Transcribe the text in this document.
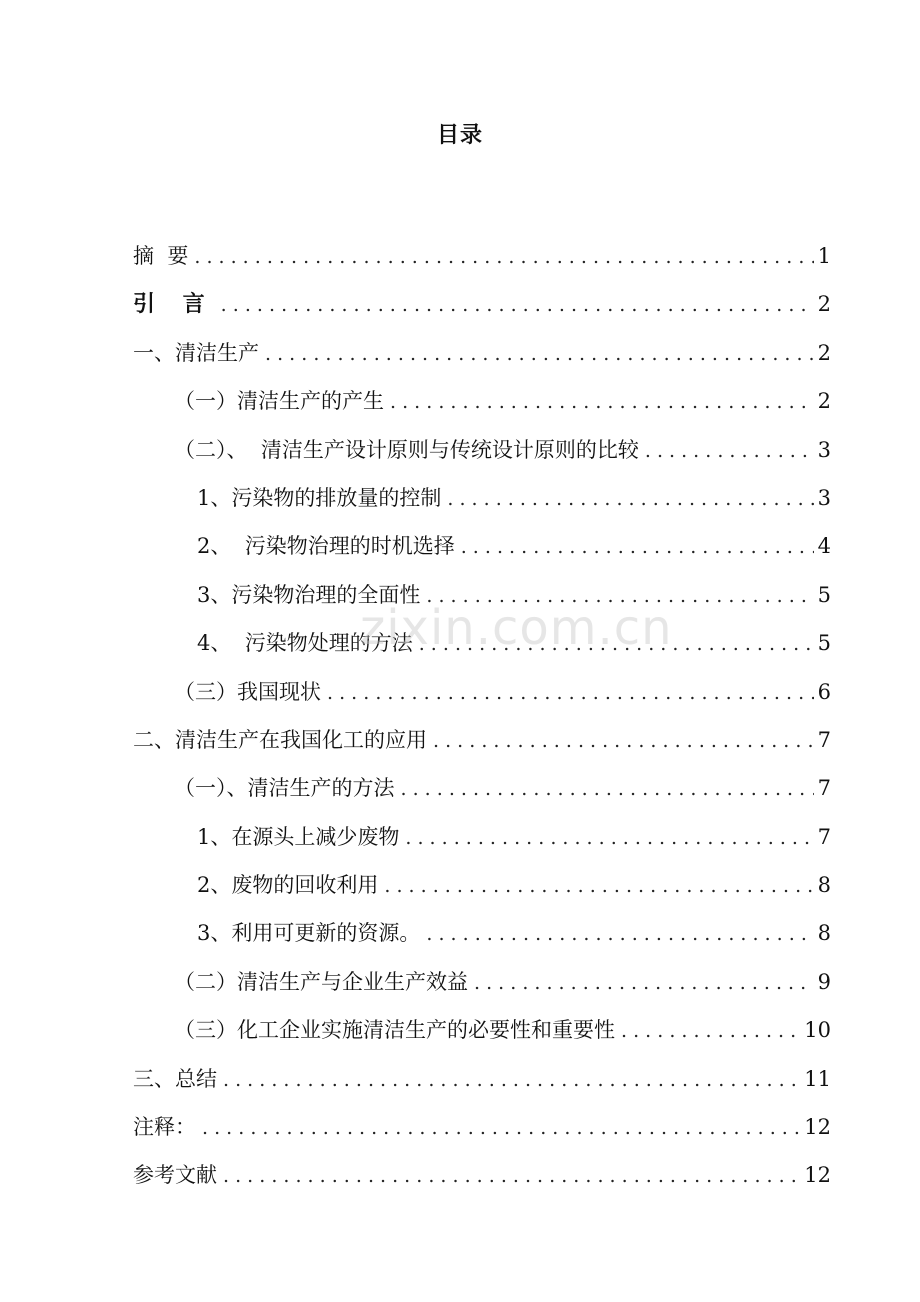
目录
摘  要 . . .	1
引 言 . . .	2
一、清洁生产 . . .	2
（一）清洁生产的产生 . . .	2
（二）、  清洁生产设计原则与传统设计原则的比较 . . .	3
1、污染物的排放量的控制 . . .	3
2、  污染物治理的时机选择 . . .	4
3、污染物治理的全面性 . . .	5
4、  污染物处理的方法 . . .	5
（三）我国现状 . . .	6
二、清洁生产在我国化工的应用 . . .	7
（一）、清洁生产的方法 . . .	7
1、在源头上减少废物 . . .	7
2、废物的回收利用 . . .	8
3、利用可更新的资源。 . . .	8
（二）清洁生产与企业生产效益 . . .	9
（三）化工企业实施清洁生产的必要性和重要性 . . .	10
三、总结 . . .	11
注释： . . .	12
参考文献 . . .	12
zixin.com.cn
